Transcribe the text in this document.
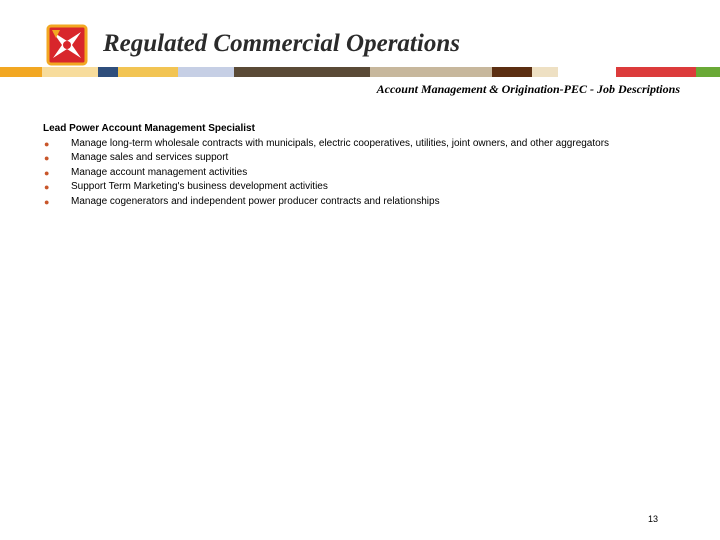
Regulated Commercial Operations
Account Management & Origination-PEC - Job Descriptions
Lead Power Account Management Specialist
● Manage long-term wholesale contracts with municipals, electric cooperatives, utilities, joint owners, and other aggregators
● Manage sales and services support
● Manage account management activities
● Support Term Marketing's business development activities
● Manage cogenerators and independent power producer contracts and relationships
13
